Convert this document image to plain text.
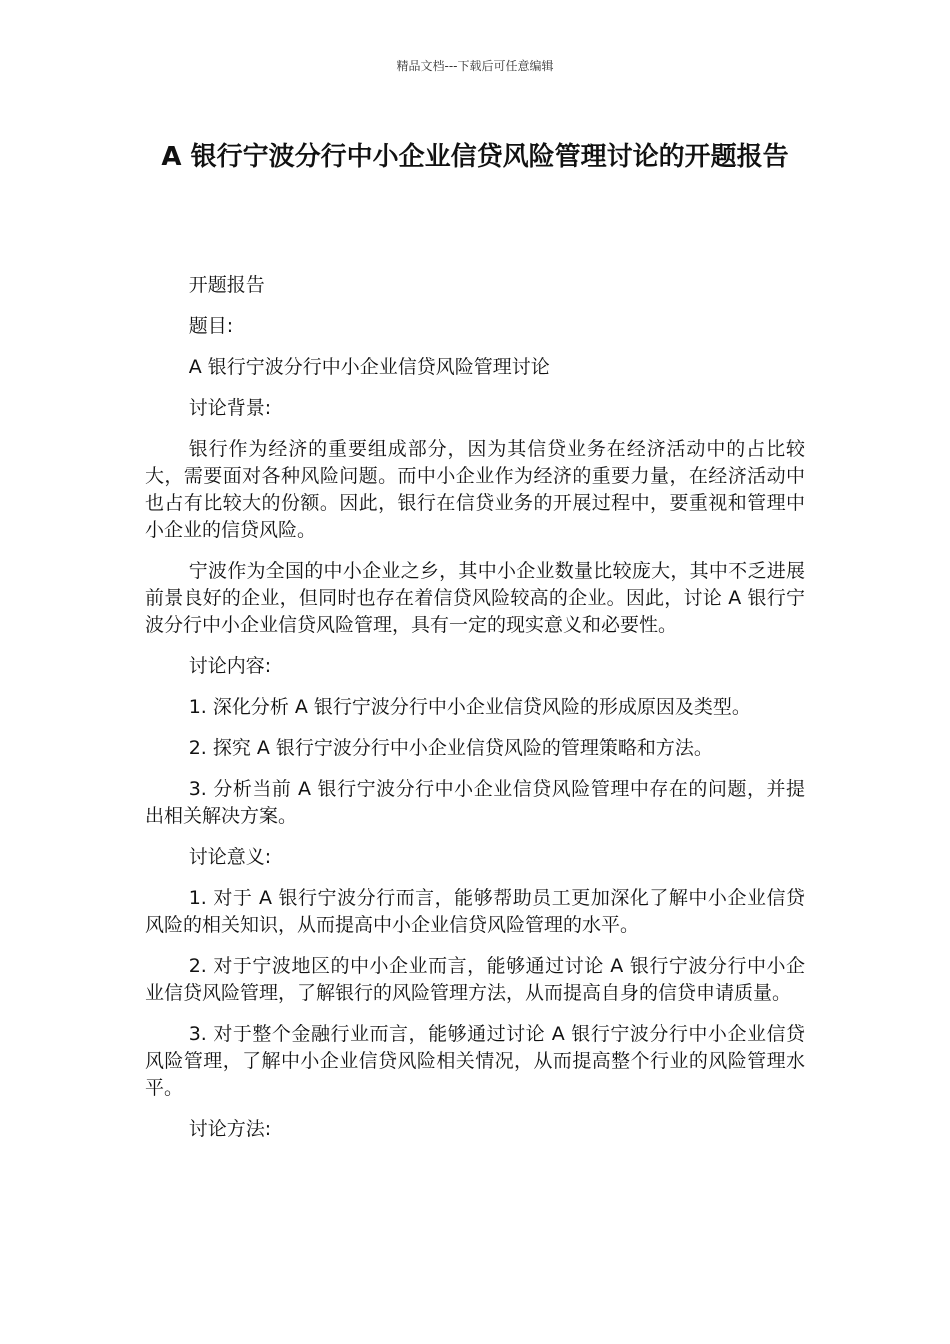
精品文档---下载后可任意编辑
A 银行宁波分行中小企业信贷风险管理讨论的开题报告

开题报告

题目:

A 银行宁波分行中小企业信贷风险管理讨论

讨论背景:

银行作为经济的重要组成部分，因为其信贷业务在经济活动中的占比较大，需要面对各种风险问题。而中小企业作为经济的重要力量，在经济活动中也占有比较大的份额。因此，银行在信贷业务的开展过程中，要重视和管理中小企业的信贷风险。

宁波作为全国的中小企业之乡，其中小企业数量比较庞大，其中不乏进展前景良好的企业，但同时也存在着信贷风险较高的企业。因此，讨论 A 银行宁波分行中小企业信贷风险管理，具有一定的现实意义和必要性。

讨论内容:

1. 深化分析 A 银行宁波分行中小企业信贷风险的形成原因及类型。

2. 探究 A 银行宁波分行中小企业信贷风险的管理策略和方法。

3. 分析当前 A 银行宁波分行中小企业信贷风险管理中存在的问题，并提出相关解决方案。

讨论意义:

1. 对于 A 银行宁波分行而言，能够帮助员工更加深化了解中小企业信贷风险的相关知识，从而提高中小企业信贷风险管理的水平。

2. 对于宁波地区的中小企业而言，能够通过讨论 A 银行宁波分行中小企业信贷风险管理，了解银行的风险管理方法，从而提高自身的信贷申请质量。

3. 对于整个金融行业而言，能够通过讨论 A 银行宁波分行中小企业信贷风险管理，了解中小企业信贷风险相关情况，从而提高整个行业的风险管理水平。

讨论方法:
